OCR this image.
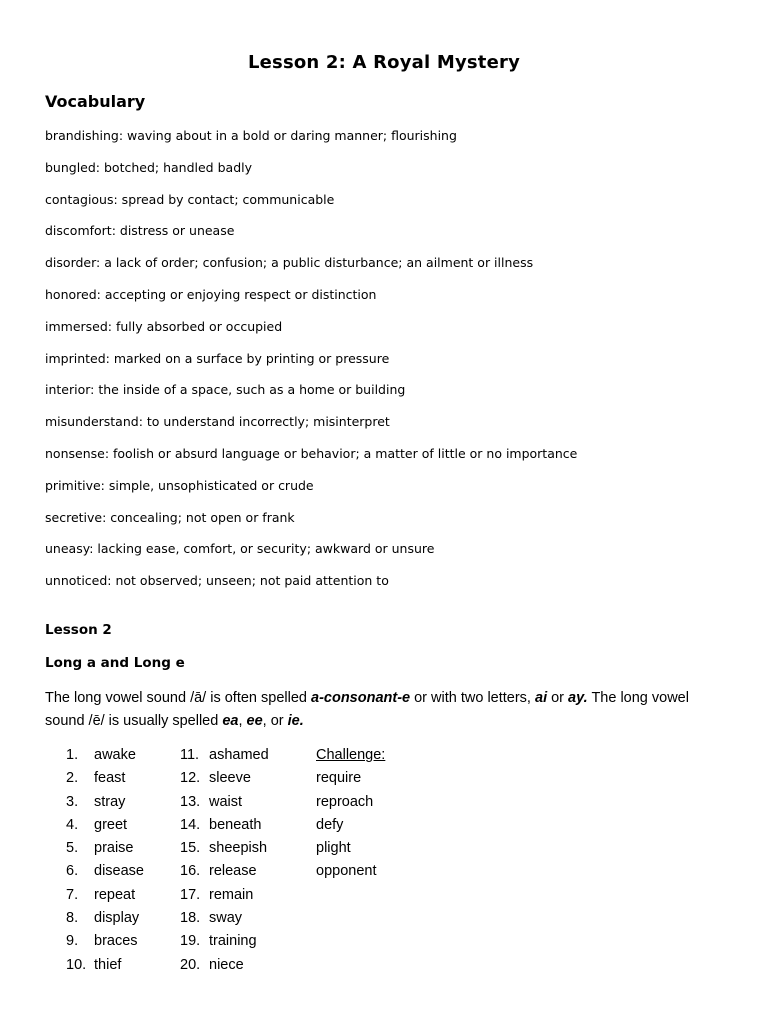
Lesson 2: A Royal Mystery
Vocabulary
brandishing: waving about in a bold or daring manner; flourishing
bungled: botched; handled badly
contagious: spread by contact; communicable
discomfort: distress or unease
disorder: a lack of order; confusion; a public disturbance; an ailment or illness
honored: accepting or enjoying respect or distinction
immersed: fully absorbed or occupied
imprinted: marked on a surface by printing or pressure
interior: the inside of a space, such as a home or building
misunderstand: to understand incorrectly; misinterpret
nonsense: foolish or absurd language or behavior; a matter of little or no importance
primitive: simple, unsophisticated or crude
secretive: concealing; not open or frank
uneasy: lacking ease, comfort, or security; awkward or unsure
unnoticed: not observed; unseen; not paid attention to
Lesson 2
Long a and Long e
The long vowel sound /ā/ is often spelled a-consonant-e or with two letters, ai or ay. The long vowel sound /ē/ is usually spelled ea, ee, or ie.
1. awake
2. feast
3. stray
4. greet
5. praise
6. disease
7. repeat
8. display
9. braces
10. thief
11. ashamed
12. sleeve
13. waist
14. beneath
15. sheepish
16. release
17. remain
18. sway
19. training
20. niece
Challenge:
require
reproach
defy
plight
opponent
